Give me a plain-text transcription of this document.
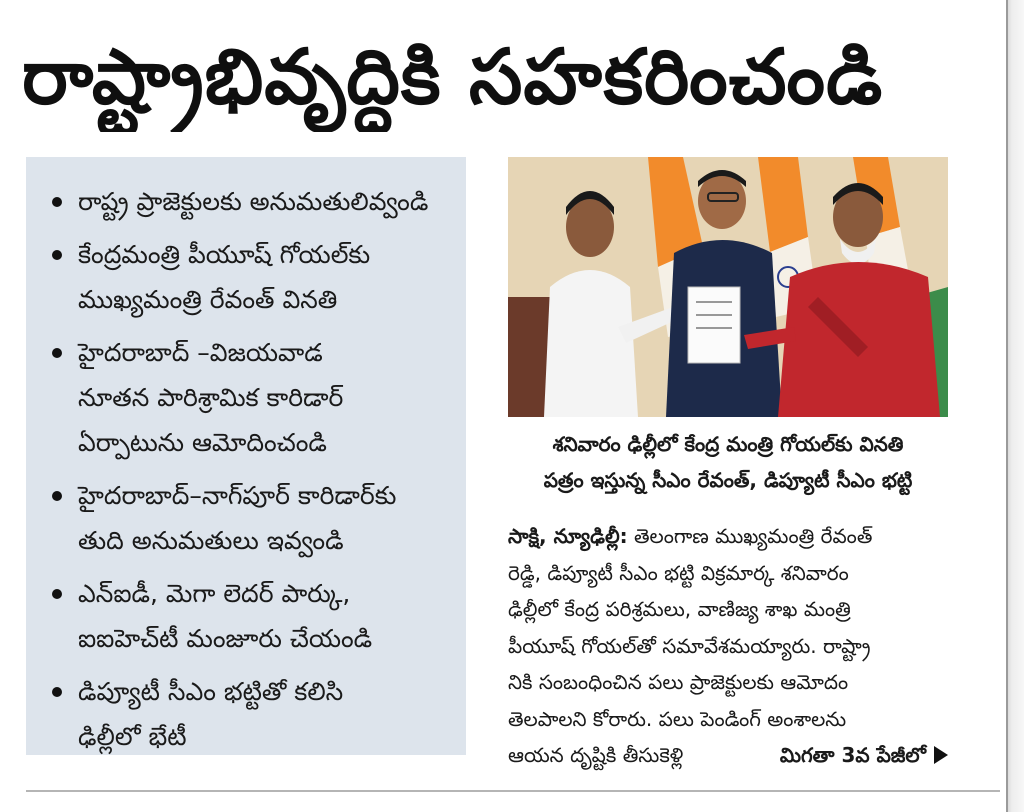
రాష్ట్రాభివృద్ధికి సహకరించండి
రాష్ట్ర ప్రాజెక్టులకు అనుమతులివ్వండి
కేంద్రమంత్రి పీయూష్ గోయల్‌కు
ముఖ్యమంత్రి రేవంత్ వినతి
హైదరాబాద్ –విజయవాడ
నూతన పారిశ్రామిక కారిడార్
ఏర్పాటును ఆమోదించండి
హైదరాబాద్–నాగ్‌పూర్ కారిడార్‌కు
తుది అనుమతులు ఇవ్వండి
ఎన్‌ఐడీ, మెగా లెదర్ పార్కు,
ఐఐహెచ్‌టీ మంజూరు చేయండి
డిప్యూటీ సీఎం భట్టితో కలిసి
ఢిల్లీలో భేటీ
శనివారం ఢిల్లీలో కేంద్ర మంత్రి గోయల్‌కు వినతి
పత్రం ఇస్తున్న సీఎం రేవంత్, డిప్యూటీ సీఎం భట్టి
సాక్షి, న్యూఢిల్లీ: తెలంగాణ ముఖ్యమంత్రి రేవంత్
రెడ్డి, డిప్యూటీ సీఎం భట్టి విక్రమార్క శనివారం
ఢిల్లీలో కేంద్ర పరిశ్రమలు, వాణిజ్య శాఖ మంత్రి
పీయూష్ గోయల్‌తో సమావేశమయ్యారు. రాష్ట్రా
నికి సంబంధించిన పలు ప్రాజెక్టులకు ఆమోదం
తెలపాలని కోరారు. పలు పెండింగ్ అంశాలను
ఆయన దృష్టికి తీసుకెళ్లి	మిగతా 3వ పేజీలో
